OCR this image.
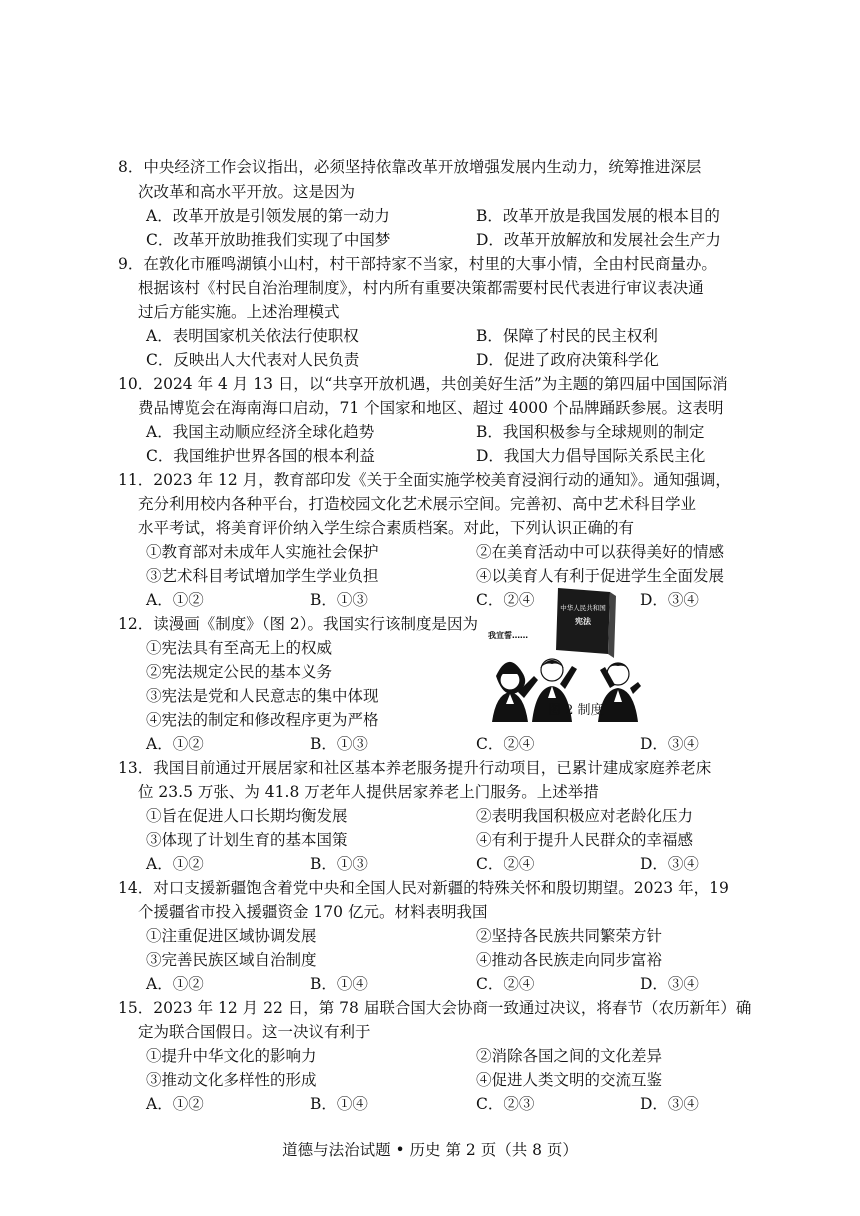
8．中央经济工作会议指出，必须坚持依靠改革开放增强发展内生动力，统筹推进深层
次改革和高水平开放。这是因为
A．改革开放是引领发展的第一动力	B．改革开放是我国发展的根本目的
C．改革开放助推我们实现了中国梦	D．改革开放解放和发展社会生产力
9．在敦化市雁鸣湖镇小山村，村干部持家不当家，村里的大事小情，全由村民商量办。
根据该村《村民自治治理制度》，村内所有重要决策都需要村民代表进行审议表决通
过后方能实施。上述治理模式
A．表明国家机关依法行使职权	B．保障了村民的民主权利
C．反映出人大代表对人民负责	D．促进了政府决策科学化
10．2024 年 4 月 13 日，以“共享开放机遇，共创美好生活”为主题的第四届中国国际消
费品博览会在海南海口启动，71 个国家和地区、超过 4000 个品牌踊跃参展。这表明
A．我国主动顺应经济全球化趋势	B．我国积极参与全球规则的制定
C．我国维护世界各国的根本利益	D．我国大力倡导国际关系民主化
11．2023 年 12 月，教育部印发《关于全面实施学校美育浸润行动的通知》。通知强调，
充分利用校内各种平台，打造校园文化艺术展示空间。完善初、高中艺术科目学业
水平考试，将美育评价纳入学生综合素质档案。对此，下列认识正确的有
①教育部对未成年人实施社会保护	②在美育活动中可以获得美好的情感
③艺术科目考试增加学生学业负担	④以美育人有利于促进学生全面发展
A．①②	B．①③	C．②④	D．③④
12．读漫画《制度》（图 2）。我国实行该制度是因为
①宪法具有至高无上的权威
②宪法规定公民的基本义务
③宪法是党和人民意志的集中体现
④宪法的制定和修改程序更为严格
A．①②	B．①③	C．②④	D．③④
我宣誓……
中华人民共和国
宪法
图 2 制度
13．我国目前通过开展居家和社区基本养老服务提升行动项目，已累计建成家庭养老床
位 23.5 万张、为 41.8 万老年人提供居家养老上门服务。上述举措
①旨在促进人口长期均衡发展	②表明我国积极应对老龄化压力
③体现了计划生育的基本国策	④有利于提升人民群众的幸福感
A．①②	B．①③	C．②④	D．③④
14．对口支援新疆饱含着党中央和全国人民对新疆的特殊关怀和殷切期望。2023 年，19
个援疆省市投入援疆资金 170 亿元。材料表明我国
①注重促进区域协调发展	②坚持各民族共同繁荣方针
③完善民族区域自治制度	④推动各民族走向同步富裕
A．①②	B．①④	C．②④	D．③④
15．2023 年 12 月 22 日，第 78 届联合国大会协商一致通过决议，将春节（农历新年）确
定为联合国假日。这一决议有利于
①提升中华文化的影响力	②消除各国之间的文化差异
③推动文化多样性的形成	④促进人类文明的交流互鉴
A．①②	B．①④	C．②③	D．③④
道德与法治试题 • 历史 第 2 页（共 8 页）
